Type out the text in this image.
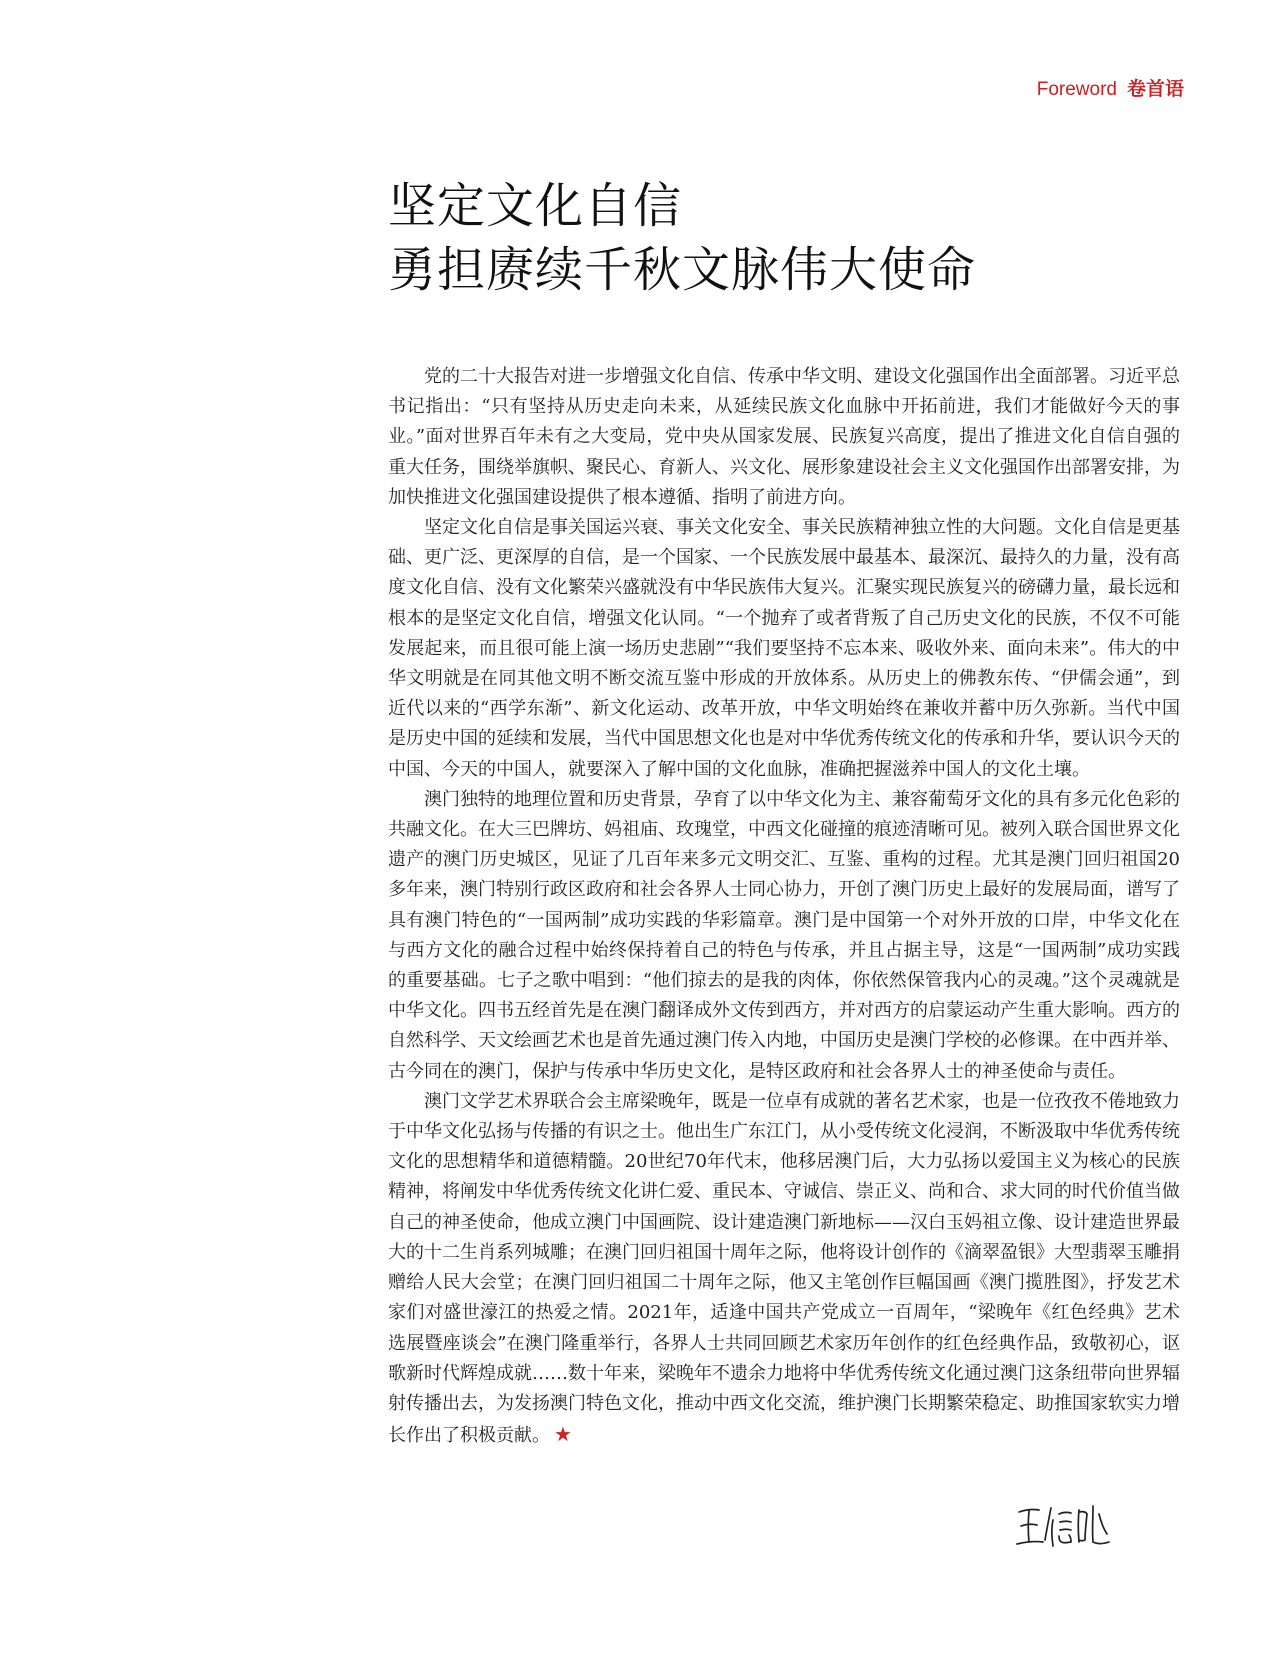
Foreword 卷首语
坚定文化自信
勇担赓续千秋文脉伟大使命

党的二十大报告对进一步增强文化自信、传承中华文明、建设文化强国作出全面部署。习近平总书记指出：“只有坚持从历史走向未来，从延续民族文化血脉中开拓前进，我们才能做好今天的事业。”面对世界百年未有之大变局，党中央从国家发展、民族复兴高度，提出了推进文化自信自强的重大任务，围绕举旗帜、聚民心、育新人、兴文化、展形象建设社会主义文化强国作出部署安排，为加快推进文化强国建设提供了根本遵循、指明了前进方向。

坚定文化自信是事关国运兴衰、事关文化安全、事关民族精神独立性的大问题。文化自信是更基础、更广泛、更深厚的自信，是一个国家、一个民族发展中最基本、最深沉、最持久的力量，没有高度文化自信、没有文化繁荣兴盛就没有中华民族伟大复兴。汇聚实现民族复兴的磅礴力量，最长远和根本的是坚定文化自信，增强文化认同。“一个抛弃了或者背叛了自己历史文化的民族，不仅不可能发展起来，而且很可能上演一场历史悲剧”“我们要坚持不忘本来、吸收外来、面向未来”。伟大的中华文明就是在同其他文明不断交流互鉴中形成的开放体系。从历史上的佛教东传、“伊儒会通”，到近代以来的“西学东渐”、新文化运动、改革开放，中华文明始终在兼收并蓄中历久弥新。当代中国是历史中国的延续和发展，当代中国思想文化也是对中华优秀传统文化的传承和升华，要认识今天的中国、今天的中国人，就要深入了解中国的文化血脉，准确把握滋养中国人的文化土壤。

澳门独特的地理位置和历史背景，孕育了以中华文化为主、兼容葡萄牙文化的具有多元化色彩的共融文化。在大三巴牌坊、妈祖庙、玫瑰堂，中西文化碰撞的痕迹清晰可见。被列入联合国世界文化遗产的澳门历史城区，见证了几百年来多元文明交汇、互鉴、重构的过程。尤其是澳门回归祖国20多年来，澳门特别行政区政府和社会各界人士同心协力，开创了澳门历史上最好的发展局面，谱写了具有澳门特色的“一国两制”成功实践的华彩篇章。澳门是中国第一个对外开放的口岸，中华文化在与西方文化的融合过程中始终保持着自己的特色与传承，并且占据主导，这是“一国两制”成功实践的重要基础。七子之歌中唱到：“他们掠去的是我的肉体，你依然保管我内心的灵魂。”这个灵魂就是中华文化。四书五经首先是在澳门翻译成外文传到西方，并对西方的启蒙运动产生重大影响。西方的自然科学、天文绘画艺术也是首先通过澳门传入内地，中国历史是澳门学校的必修课。在中西并举、古今同在的澳门，保护与传承中华历史文化，是特区政府和社会各界人士的神圣使命与责任。

澳门文学艺术界联合会主席梁晚年，既是一位卓有成就的著名艺术家，也是一位孜孜不倦地致力于中华文化弘扬与传播的有识之士。他出生广东江门，从小受传统文化浸润，不断汲取中华优秀传统文化的思想精华和道德精髓。20世纪70年代末，他移居澳门后，大力弘扬以爱国主义为核心的民族精神，将阐发中华优秀传统文化讲仁爱、重民本、守诚信、崇正义、尚和合、求大同的时代价值当做自己的神圣使命，他成立澳门中国画院、设计建造澳门新地标——汉白玉妈祖立像、设计建造世界最大的十二生肖系列城雕；在澳门回归祖国十周年之际，他将设计创作的《滴翠盈银》大型翡翠玉雕捐赠给人民大会堂；在澳门回归祖国二十周年之际，他又主笔创作巨幅国画《澳门揽胜图》，抒发艺术家们对盛世濠江的热爱之情。2021年，适逢中国共产党成立一百周年，“梁晚年《红色经典》艺术选展暨座谈会”在澳门隆重举行，各界人士共同回顾艺术家历年创作的红色经典作品，致敬初心，讴歌新时代辉煌成就……数十年来，梁晚年不遗余力地将中华优秀传统文化通过澳门这条纽带向世界辐射传播出去，为发扬澳门特色文化，推动中西文化交流，维护澳门长期繁荣稳定、助推国家软实力增长作出了积极贡献。 ★
